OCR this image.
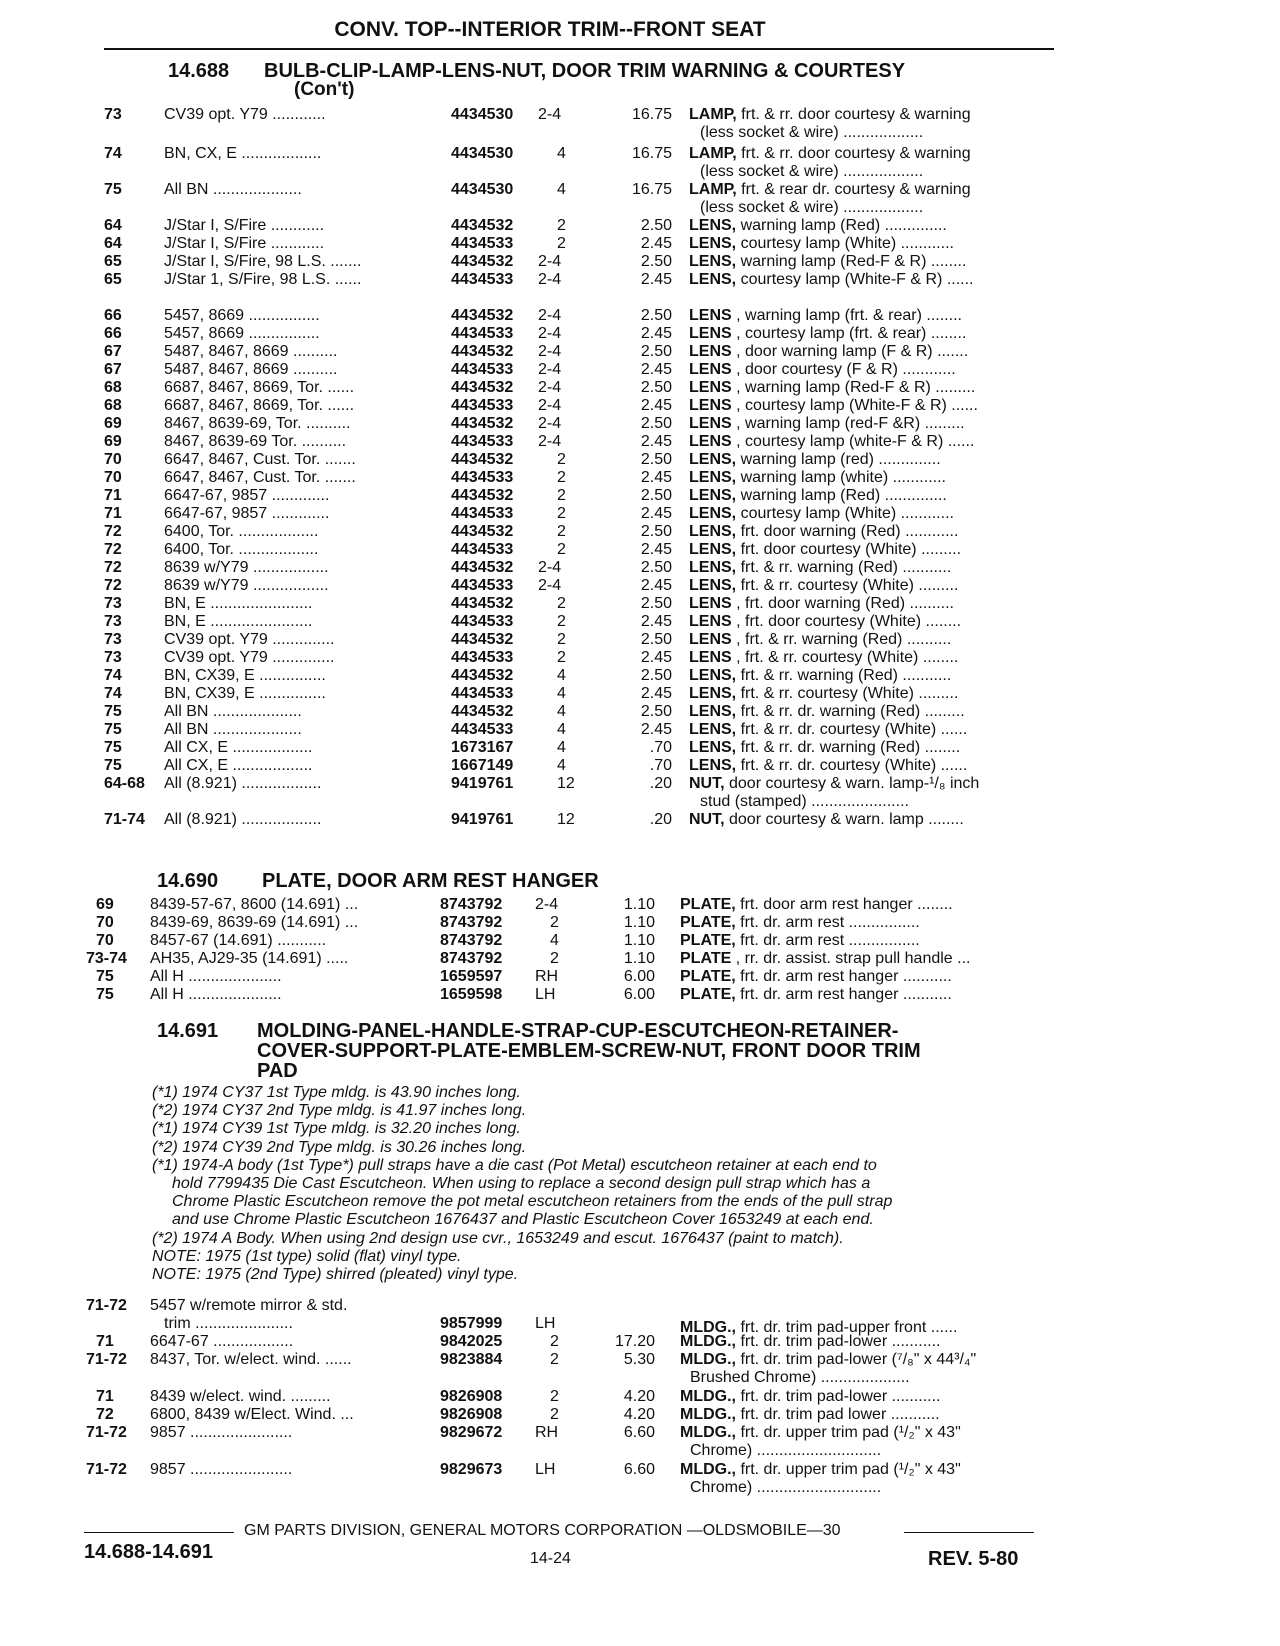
CONV. TOP--INTERIOR TRIM--FRONT SEAT
14.688 BULB-CLIP-LAMP-LENS-NUT, DOOR TRIM WARNING & COURTESY
(Con't)
73	CV39 opt. Y79 ............	4434530 2-4	16.75 LAMP, frt. & rr. door courtesy & warning
(less socket & wire) ..................
74	BN, CX, E ..................	4434530	4	16.75 LAMP, frt. & rr. door courtesy & warning
(less socket & wire) ..................
75	All BN ....................	4434530	4	16.75 LAMP, frt. & rear dr. courtesy & warning
(less socket & wire) ..................
64	J/Star I, S/Fire ............	4434532	2	2.50 LENS, warning lamp (Red) ..............
64	J/Star I, S/Fire ............	4434533	2	2.45 LENS, courtesy lamp (White) ............
65	J/Star I, S/Fire, 98 L.S. .......	4434532 2-4	2.50 LENS, warning lamp (Red-F & R) ........
65	J/Star 1, S/Fire, 98 L.S. ......	4434533 2-4	2.45 LENS, courtesy lamp (White-F & R) ......
66	5457, 8669 ................	4434532 2-4	2.50 LENS , warning lamp (frt. & rear) ........
66	5457, 8669 ................	4434533 2-4	2.45 LENS , courtesy lamp (frt. & rear) ........
67	5487, 8467, 8669 ..........	4434532 2-4	2.50 LENS , door warning lamp (F & R) .......
67	5487, 8467, 8669 ..........	4434533 2-4	2.45 LENS , door courtesy (F & R) ............
68	6687, 8467, 8669, Tor. ......	4434532 2-4	2.50 LENS , warning lamp (Red-F & R) .........
68	6687, 8467, 8669, Tor. ......	4434533 2-4	2.45 LENS , courtesy lamp (White-F & R) ......
69	8467, 8639-69, Tor. ..........	4434532 2-4	2.50 LENS , warning lamp (red-F &R) .........
69	8467, 8639-69 Tor. ..........	4434533 2-4	2.45 LENS , courtesy lamp (white-F & R) ......
70	6647, 8467, Cust. Tor. .......	4434532	2	2.50 LENS, warning lamp (red) ..............
70	6647, 8467, Cust. Tor. .......	4434533	2	2.45 LENS, warning lamp (white) ............
71	6647-67, 9857 .............	4434532	2	2.50 LENS, warning lamp (Red) ..............
71	6647-67, 9857 .............	4434533	2	2.45 LENS, courtesy lamp (White) ............
72	6400, Tor. ..................	4434532	2	2.50 LENS, frt. door warning (Red) ............
72	6400, Tor. ..................	4434533	2	2.45 LENS, frt. door courtesy (White) .........
72	8639 w/Y79 .................	4434532 2-4	2.50 LENS, frt. & rr. warning (Red) ...........
72	8639 w/Y79 .................	4434533 2-4	2.45 LENS, frt. & rr. courtesy (White) .........
73	BN, E .......................	4434532	2	2.50 LENS , frt. door warning (Red) ..........
73	BN, E .......................	4434533	2	2.45 LENS , frt. door courtesy (White) ........
73	CV39 opt. Y79 ..............	4434532	2	2.50 LENS , frt. & rr. warning (Red) ..........
73	CV39 opt. Y79 ..............	4434533	2	2.45 LENS , frt. & rr. courtesy (White) ........
74	BN, CX39, E ...............	4434532	4	2.50 LENS, frt. & rr. warning (Red) ...........
74	BN, CX39, E ...............	4434533	4	2.45 LENS, frt. & rr. courtesy (White) .........
75	All BN ....................	4434532	4	2.50 LENS, frt. & rr. dr. warning (Red) .........
75	All BN ....................	4434533	4	2.45 LENS, frt. & rr. dr. courtesy (White) ......
75	All CX, E ..................	1673167	4	.70 LENS, frt. & rr. dr. warning (Red) ........
75	All CX, E ..................	1667149	4	.70 LENS, frt. & rr. dr. courtesy (White) ......
64-68 All (8.921) ..................	9419761	12	.20 NUT, door courtesy & warn. lamp-¹/₈ inch
stud (stamped) ......................
71-74 All (8.921) ..................	9419761	12	.20 NUT, door courtesy & warn. lamp ........
14.690 PLATE, DOOR ARM REST HANGER
69 8439-57-67, 8600 (14.691) ...	8743792 2-4	1.10 PLATE, frt. door arm rest hanger ........
70 8439-69, 8639-69 (14.691) ...	8743792	2	1.10 PLATE, frt. dr. arm rest ................
70 8457-67 (14.691) ...........	8743792	4	1.10 PLATE, frt. dr. arm rest ................
73-74 AH35, AJ29-35 (14.691) .....	8743792	2	1.10 PLATE , rr. dr. assist. strap pull handle ...
75 All H .....................	1659597 RH	6.00 PLATE, frt. dr. arm rest hanger ...........
75 All H .....................	1659598 LH	6.00 PLATE, frt. dr. arm rest hanger ...........
14.691 MOLDING-PANEL-HANDLE-STRAP-CUP-ESCUTCHEON-RETAINER-
COVER-SUPPORT-PLATE-EMBLEM-SCREW-NUT, FRONT DOOR TRIM
PAD
(*1) 1974 CY37 1st Type mldg. is 43.90 inches long.
(*2) 1974 CY37 2nd Type mldg. is 41.97 inches long.
(*1) 1974 CY39 1st Type mldg. is 32.20 inches long.
(*2) 1974 CY39 2nd Type mldg. is 30.26 inches long.
(*1) 1974-A body (1st Type*) pull straps have a die cast (Pot Metal) escutcheon retainer at each end to
hold 7799435 Die Cast Escutcheon. When using to replace a second design pull strap which has a
Chrome Plastic Escutcheon remove the pot metal escutcheon retainers from the ends of the pull strap
and use Chrome Plastic Escutcheon 1676437 and Plastic Escutcheon Cover 1653249 at each end.
(*2) 1974 A Body. When using 2nd design use cvr., 1653249 and escut. 1676437 (paint to match).
NOTE: 1975 (1st type) solid (flat) vinyl type.
NOTE: 1975 (2nd Type) shirred (pleated) vinyl type.
71-72 5457 w/remote mirror & std.
trim ......................	9857999 LH	MLDG., frt. dr. trim pad-upper front ......
71 6647-67 ..................	9842025	2	17.20 MLDG., frt. dr. trim pad-lower ...........
71-72 8437, Tor. w/elect. wind. ......	9823884	2	5.30 MLDG., frt. dr. trim pad-lower (⁷/₈" x 44³/₄"
Brushed Chrome) ....................
71 8439 w/elect. wind. .........	9826908	2	4.20 MLDG., frt. dr. trim pad-lower ...........
72 6800, 8439 w/Elect. Wind. ...	9826908	2	4.20 MLDG., frt. dr. trim pad lower ...........
71-72 9857 .......................	9829672 RH	6.60 MLDG., frt. dr. upper trim pad (¹/₂" x 43"
Chrome) ............................
71-72 9857 .......................	9829673 LH	6.60 MLDG., frt. dr. upper trim pad (¹/₂" x 43"
Chrome) ............................
GM PARTS DIVISION, GENERAL MOTORS CORPORATION —OLDSMOBILE—30
14.688-14.691	14-24	REV. 5-80
